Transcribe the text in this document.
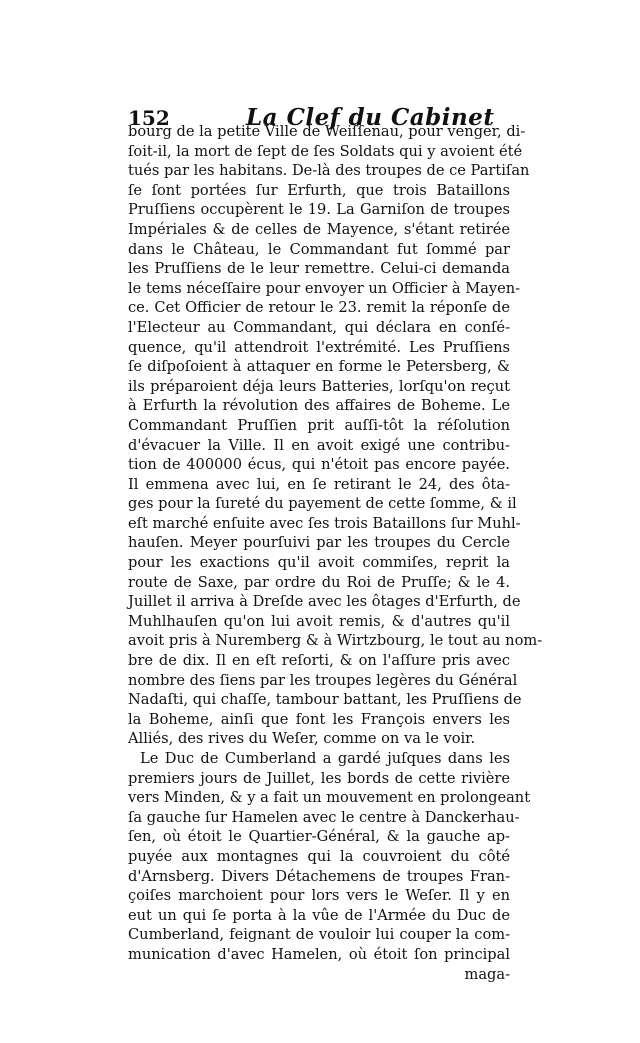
152	La Clef du Cabinet
bourg de la petite Ville de Weiſſenau, pour venger, di-
ſoit-il, la mort de ſept de ſes Soldats qui y avoient été
tués par les habitans. De-là des troupes de ce Partiſan
ſe ſont portées ſur Erfurth, que trois Bataillons
Pruſſiens occupèrent le 19. La Garniſon de troupes
Impériales & de celles de Mayence, s'étant retirée
dans le Château, le Commandant fut ſommé par
les Pruſſiens de le leur remettre. Celui-ci demanda
le tems néceſſaire pour envoyer un Officier à Mayen-
ce. Cet Officier de retour le 23. remit la réponſe de
l'Electeur au Commandant, qui déclara en conſé-
quence, qu'il attendroit l'extrémité. Les Pruſſiens
ſe diſpoſoient à attaquer en forme le Petersberg, &
ils préparoient déja leurs Batteries, lorſqu'on reçut
à Erfurth la révolution des affaires de Boheme. Le
Commandant Pruſſien prit auſſi-tôt la réſolution
d'évacuer la Ville. Il en avoit exigé une contribu-
tion de 400000 écus, qui n'étoit pas encore payée.
Il emmena avec lui, en ſe retirant le 24, des ôta-
ges pour la ſureté du payement de cette ſomme, & il
eſt marché enſuite avec ſes trois Bataillons ſur Muhl-
hauſen. Meyer pourſuivi par les troupes du Cercle
pour les exactions qu'il avoit commiſes, reprit la
route de Saxe, par ordre du Roi de Pruſſe; & le 4.
Juillet il arriva à Dreſde avec les ôtages d'Erfurth, de
Muhlhauſen qu'on lui avoit remis, & d'autres qu'il
avoit pris à Nuremberg & à Wirtzbourg, le tout au nom-
bre de dix. Il en eſt reſorti, & on l'aſſure pris avec
nombre des ſiens par les troupes legères du Général
Nadaſti, qui chaſſe, tambour battant, les Pruſſiens de
la Boheme, ainſi que font les François envers les
Alliés, des rives du Weſer, comme on va le voir.
Le Duc de Cumberland a gardé juſques dans les
premiers jours de Juillet, les bords de cette rivière
vers Minden, & y a fait un mouvement en prolongeant
ſa gauche ſur Hamelen avec le centre à Danckerhau-
ſen, où étoit le Quartier-Général, & la gauche ap-
puyée aux montagnes qui la couvroient du côté
d'Arnsberg. Divers Détachemens de troupes Fran-
çoiſes marchoient pour lors vers le Weſer. Il y en
eut un qui ſe porta à la vûe de l'Armée du Duc de
Cumberland, feignant de vouloir lui couper la com-
munication d'avec Hamelen, où étoit ſon principal
maga-
